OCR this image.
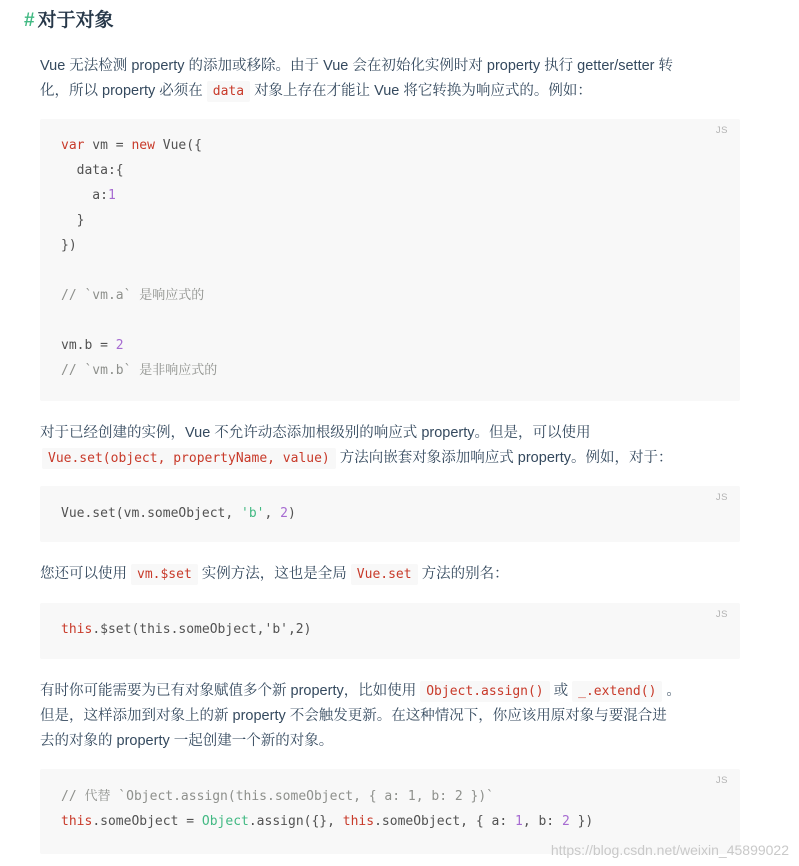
# 对于对象
Vue 无法检测 property 的添加或移除。由于 Vue 会在初始化实例时对 property 执行 getter/setter 转
化，所以 property 必须在 data 对象上存在才能让 Vue 将它转换为响应式的。例如：
JS
var vm = new Vue({
data:{
a:1
}
})
// `vm.a` 是响应式的
vm.b = 2
// `vm.b` 是非响应式的
对于已经创建的实例，Vue 不允许动态添加根级别的响应式 property。但是，可以使用
Vue.set(object, propertyName, value) 方法向嵌套对象添加响应式 property。例如，对于：
JS
Vue.set(vm.someObject, 'b', 2)
您还可以使用 vm.$set 实例方法，这也是全局 Vue.set 方法的别名：
JS
this.$set(this.someObject,'b',2)
有时你可能需要为已有对象赋值多个新 property，比如使用 Object.assign() 或 _.extend() 。
但是，这样添加到对象上的新 property 不会触发更新。在这种情况下，你应该用原对象与要混合进
去的对象的 property 一起创建一个新的对象。
JS
// 代替 `Object.assign(this.someObject, { a: 1, b: 2 })`
this.someObject = Object.assign({}, this.someObject, { a: 1, b: 2 })
https://blog.csdn.net/weixin_45899022
